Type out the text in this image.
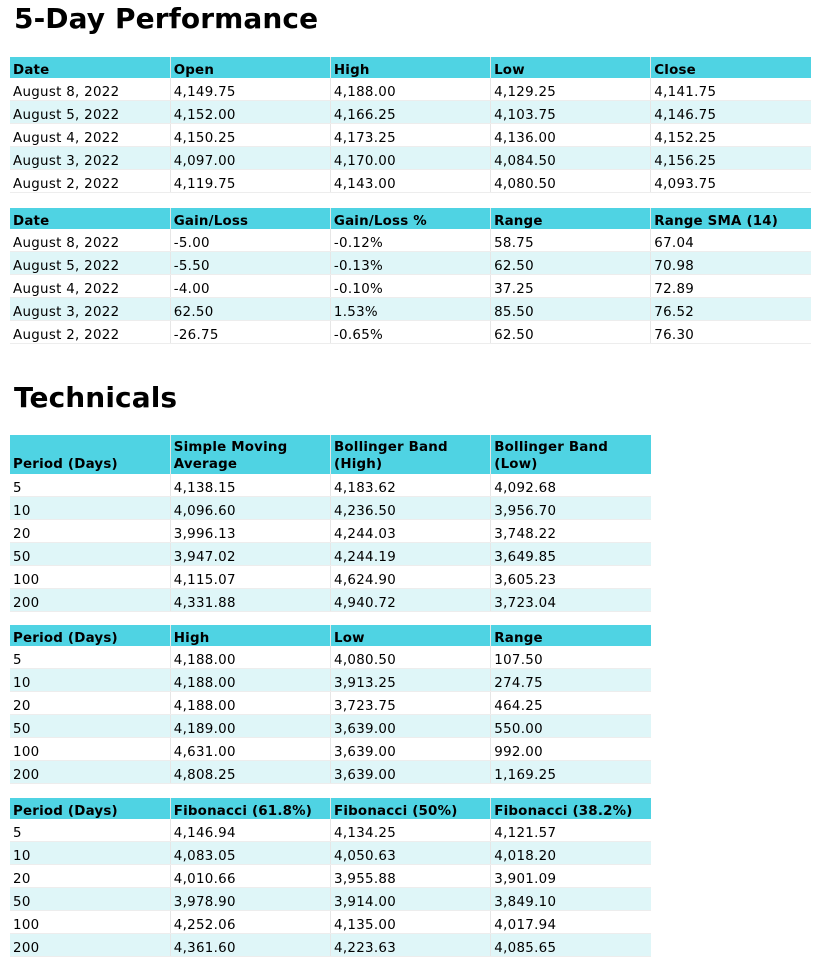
5-Day Performance
Date	Open	High	Low	Close
August 8, 2022	4,149.75	4,188.00	4,129.25	4,141.75
August 5, 2022	4,152.00	4,166.25	4,103.75	4,146.75
August 4, 2022	4,150.25	4,173.25	4,136.00	4,152.25
August 3, 2022	4,097.00	4,170.00	4,084.50	4,156.25
August 2, 2022	4,119.75	4,143.00	4,080.50	4,093.75
Date	Gain/Loss	Gain/Loss %	Range	Range SMA (14)
August 8, 2022	-5.00	-0.12%	58.75	67.04
August 5, 2022	-5.50	-0.13%	62.50	70.98
August 4, 2022	-4.00	-0.10%	37.25	72.89
August 3, 2022	62.50	1.53%	85.50	76.52
August 2, 2022	-26.75	-0.65%	62.50	76.30
Technicals
Period (Days)	Simple Moving Average	Bollinger Band (High)	Bollinger Band (Low)
5	4,138.15	4,183.62	4,092.68
10	4,096.60	4,236.50	3,956.70
20	3,996.13	4,244.03	3,748.22
50	3,947.02	4,244.19	3,649.85
100	4,115.07	4,624.90	3,605.23
200	4,331.88	4,940.72	3,723.04
Period (Days)	High	Low	Range
5	4,188.00	4,080.50	107.50
10	4,188.00	3,913.25	274.75
20	4,188.00	3,723.75	464.25
50	4,189.00	3,639.00	550.00
100	4,631.00	3,639.00	992.00
200	4,808.25	3,639.00	1,169.25
Period (Days)	Fibonacci (61.8%)	Fibonacci (50%)	Fibonacci (38.2%)
5	4,146.94	4,134.25	4,121.57
10	4,083.05	4,050.63	4,018.20
20	4,010.66	3,955.88	3,901.09
50	3,978.90	3,914.00	3,849.10
100	4,252.06	4,135.00	4,017.94
200	4,361.60	4,223.63	4,085.65
